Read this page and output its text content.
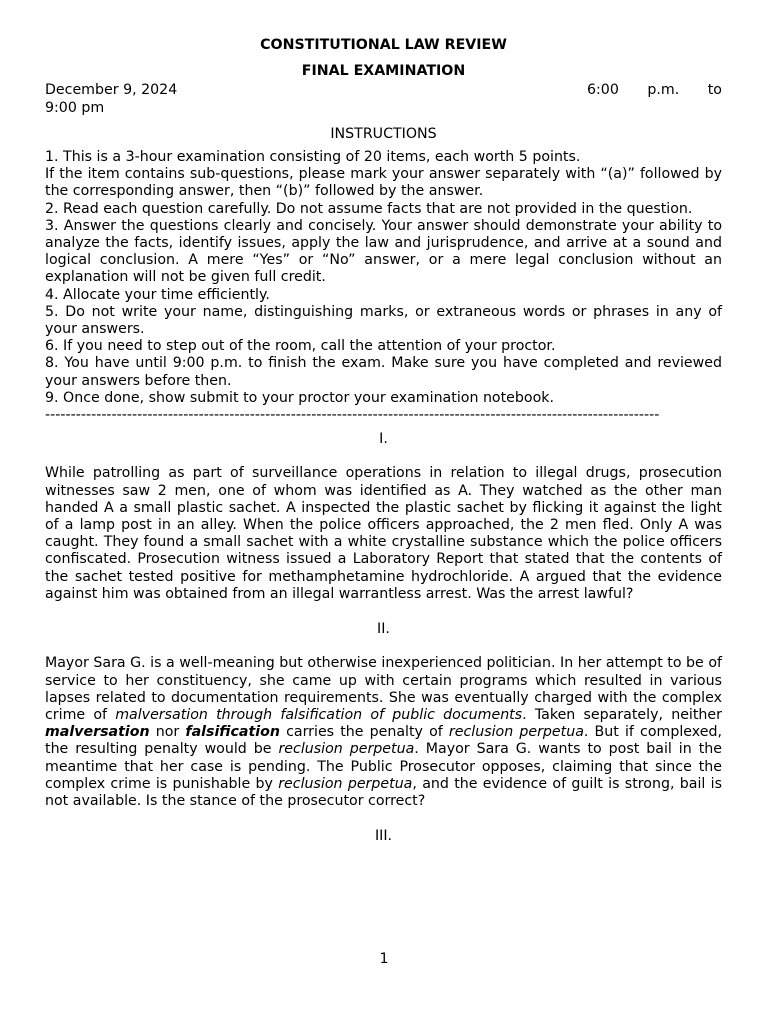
CONSTITUTIONAL LAW REVIEW

FINAL EXAMINATION

December 9, 2024	6:00 p.m. to

9:00 pm

INSTRUCTIONS

1. This is a 3-hour examination consisting of 20 items, each worth 5 points.

If the item contains sub-questions, please mark your answer separately with “(a)” followed by the corresponding answer, then “(b)” followed by the answer.

2. Read each question carefully. Do not assume facts that are not provided in the question.

3. Answer the questions clearly and concisely. Your answer should demonstrate your ability to analyze the facts, identify issues, apply the law and jurisprudence, and arrive at a sound and logical conclusion. A mere “Yes” or “No” answer, or a mere legal conclusion without an explanation will not be given full credit.

4. Allocate your time efficiently.

5. Do not write your name, distinguishing marks, or extraneous words or phrases in any of your answers.

6. If you need to step out of the room, call the attention of your proctor.

8. You have until 9:00 p.m. to finish the exam. Make sure you have completed and reviewed your answers before then.

9. Once done, show submit to your proctor your examination notebook.

------------------------------------------------------------------------------------------------------------------------

I.

While patrolling as part of surveillance operations in relation to illegal drugs, prosecution witnesses saw 2 men, one of whom was identified as A. They watched as the other man handed A a small plastic sachet. A inspected the plastic sachet by flicking it against the light of a lamp post in an alley. When the police officers approached, the 2 men fled. Only A was caught. They found a small sachet with a white crystalline substance which the police officers confiscated. Prosecution witness issued a Laboratory Report that stated that the contents of the sachet tested positive for methamphetamine hydrochloride. A argued that the evidence against him was obtained from an illegal warrantless arrest. Was the arrest lawful?

II.

Mayor Sara G. is a well-meaning but otherwise inexperienced politician. In her attempt to be of service to her constituency, she came up with certain programs which resulted in various lapses related to documentation requirements. She was eventually charged with the complex crime of malversation through falsification of public documents. Taken separately, neither malversation nor falsification carries the penalty of reclusion perpetua. But if complexed, the resulting penalty would be reclusion perpetua. Mayor Sara G. wants to post bail in the meantime that her case is pending. The Public Prosecutor opposes, claiming that since the complex crime is punishable by reclusion perpetua, and the evidence of guilt is strong, bail is not available. Is the stance of the prosecutor correct?

III.

1
